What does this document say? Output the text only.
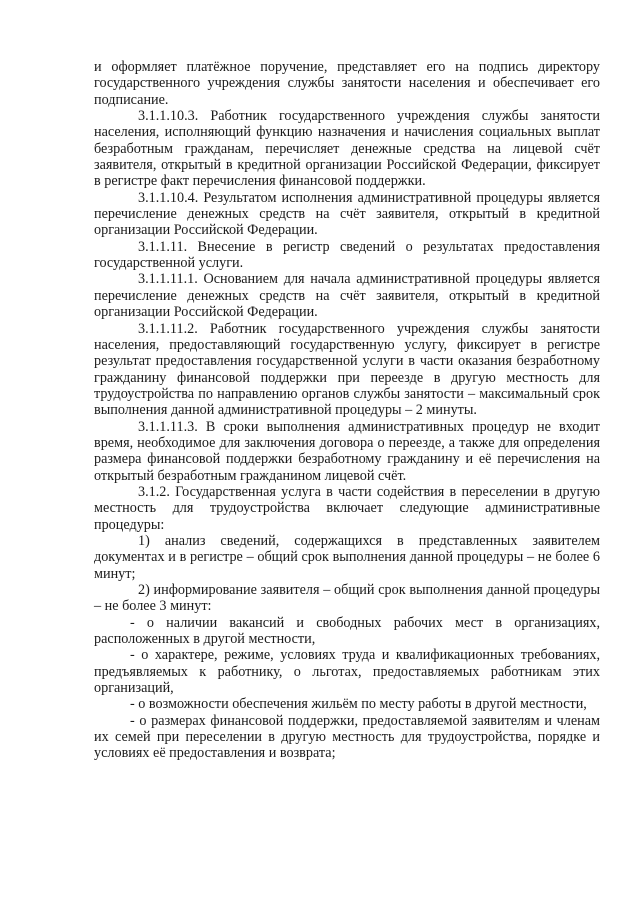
и оформляет платёжное поручение, представляет его на подпись директору государственного учреждения службы занятости населения и обеспечивает его подписание.

3.1.1.10.3. Работник государственного учреждения службы занятости населения, исполняющий функцию назначения и начисления социальных выплат безработным гражданам, перечисляет денежные средства на лицевой счёт заявителя, открытый в кредитной организации Российской Федерации, фиксирует в регистре факт перечисления финансовой поддержки.

3.1.1.10.4. Результатом исполнения административной процедуры является перечисление денежных средств на счёт заявителя, открытый в кредитной организации Российской Федерации.

3.1.1.11. Внесение в регистр сведений о результатах предоставления государственной услуги.

3.1.1.11.1. Основанием для начала административной процедуры является перечисление денежных средств на счёт заявителя, открытый в кредитной организации Российской Федерации.

3.1.1.11.2. Работник государственного учреждения службы занятости населения, предоставляющий государственную услугу, фиксирует в регистре результат предоставления государственной услуги в части оказания безработному гражданину финансовой поддержки при переезде в другую местность для трудоустройства по направлению органов службы занятости – максимальный срок выполнения данной административной процедуры – 2 минуты.

3.1.1.11.3. В сроки выполнения административных процедур не входит время, необходимое для заключения договора о переезде, а также для определения размера финансовой поддержки безработному гражданину и её перечисления на открытый безработным гражданином лицевой счёт.

3.1.2. Государственная услуга в части содействия в переселении в другую местность для трудоустройства включает следующие административные процедуры:

1) анализ сведений, содержащихся в представленных заявителем документах и в регистре – общий срок выполнения данной процедуры – не более 6 минут;

2) информирование заявителя – общий срок выполнения данной процедуры – не более 3 минут:

- о наличии вакансий и свободных рабочих мест в организациях, расположенных в другой местности,

- о характере, режиме, условиях труда и квалификационных требованиях, предъявляемых к работнику, о льготах, предоставляемых работникам этих организаций,

- о возможности обеспечения жильём по месту работы в другой местности,

- о размерах финансовой поддержки, предоставляемой заявителям и членам их семей при переселении в другую местность для трудоустройства, порядке и условиях её предоставления и возврата;
